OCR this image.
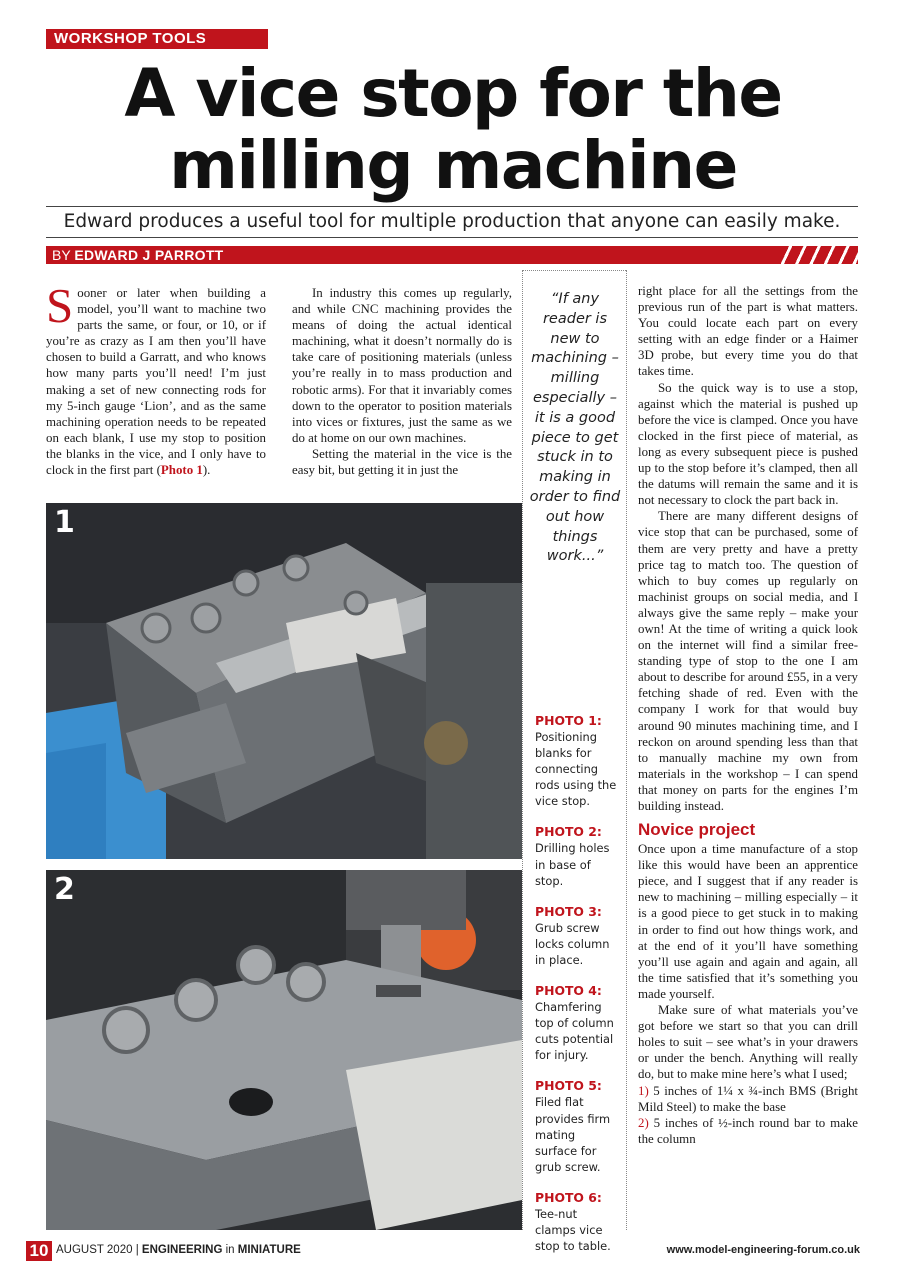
WORKSHOP TOOLS
A vice stop for the
milling machine
Edward produces a useful tool for multiple production that anyone can easily make.
BY EDWARD J PARROTT

Sooner or later when building a model, you’ll want to machine two parts the same, or four, or 10, or if you’re as crazy as I am then you’ll have chosen to build a Garratt, and who knows how many parts you’ll need! I’m just making a set of new connecting rods for my 5-inch gauge ‘Lion’, and as the same machining operation needs to be repeated on each blank, I use my stop to position the blanks in the vice, and I only have to clock in the first part (Photo 1).

In industry this comes up regularly, and while CNC machining provides the means of doing the actual identical machining, what it doesn’t normally do is take care of positioning materials (unless you’re really in to mass production and robotic arms). For that it invariably comes down to the operator to position materials into vices or fixtures, just the same as we do at home on our own machines.

Setting the material in the vice is the easy bit, but getting it in just the

“If any reader is new to machining – milling especially – it is a good piece to get stuck in to making in order to find out how things work...”
1
2
PHOTO 1:
Positioning blanks for connecting rods using the vice stop.
PHOTO 2:
Drilling holes in base of stop.
PHOTO 3:
Grub screw locks column in place.
PHOTO 4:
Chamfering top of column cuts potential for injury.
PHOTO 5:
Filed flat provides firm mating surface for grub screw.
PHOTO 6:
Tee-nut clamps vice stop to table.

right place for all the settings from the previous run of the part is what matters. You could locate each part on every setting with an edge finder or a Haimer 3D probe, but every time you do that takes time.

So the quick way is to use a stop, against which the material is pushed up before the vice is clamped. Once you have clocked in the first piece of material, as long as every subsequent piece is pushed up to the stop before it’s clamped, then all the datums will remain the same and it is not necessary to clock the part back in.

There are many different designs of vice stop that can be purchased, some of them are very pretty and have a pretty price tag to match too. The question of which to buy comes up regularly on machinist groups on social media, and I always give the same reply – make your own! At the time of writing a quick look on the internet will find a similar free-standing type of stop to the one I am about to describe for around £55, in a very fetching shade of red. Even with the company I work for that would buy around 90 minutes machining time, and I reckon on around spending less than that to manually machine my own from materials in the workshop – I can spend that money on parts for the engines I’m building instead.

Novice project

Once upon a time manufacture of a stop like this would have been an apprentice piece, and I suggest that if any reader is new to machining – milling especially – it is a good piece to get stuck in to making in order to find out how things work, and at the end of it you’ll have something you’ll use again and again and again, all the time satisfied that it’s something you made yourself.

Make sure of what materials you’ve got before we start so that you can drill holes to suit – see what’s in your drawers or under the bench. Anything will really do, but to make mine here’s what I used;

1) 5 inches of 1¼ x ¾-inch BMS (Bright Mild Steel) to make the base

2) 5 inches of ½-inch round bar to make the column

10 AUGUST 2020 | ENGINEERING in MINIATURE	www.model-engineering-forum.co.uk
